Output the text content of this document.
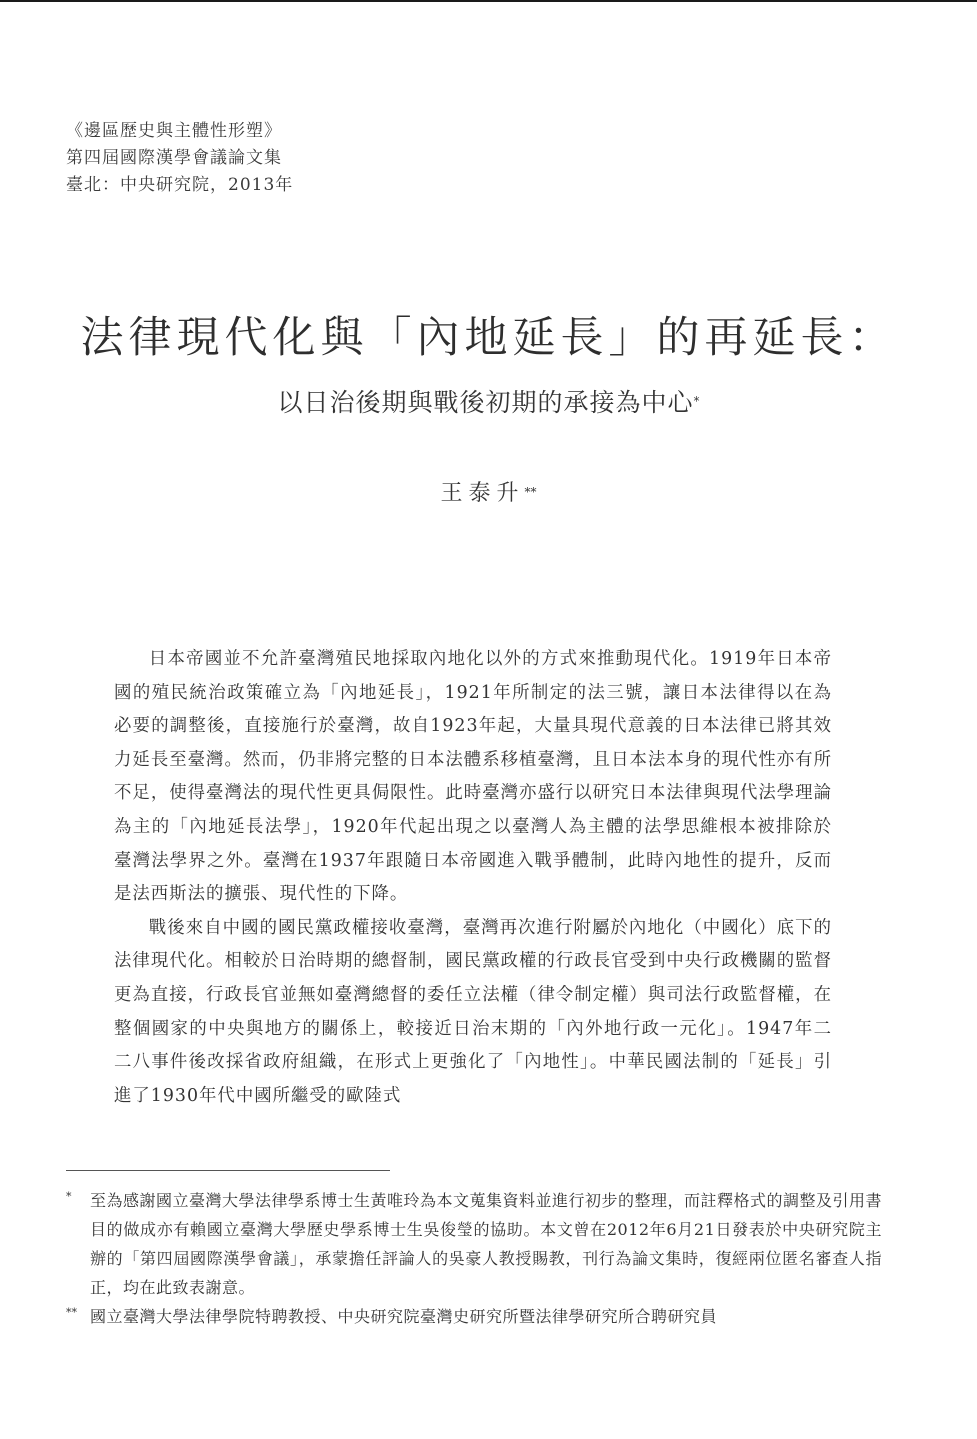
《邊區歷史與主體性形塑》
第四屆國際漢學會議論文集
臺北：中央研究院，2013年
法律現代化與「內地延長」的再延長：
以日治後期與戰後初期的承接為中心*
王泰升**

日本帝國並不允許臺灣殖民地採取內地化以外的方式來推動現代化。1919年日本帝國的殖民統治政策確立為「內地延長」，1921年所制定的法三號，讓日本法律得以在為必要的調整後，直接施行於臺灣，故自1923年起，大量具現代意義的日本法律已將其效力延長至臺灣。然而，仍非將完整的日本法體系移植臺灣，且日本法本身的現代性亦有所不足，使得臺灣法的現代性更具侷限性。此時臺灣亦盛行以研究日本法律與現代法學理論為主的「內地延長法學」，1920年代起出現之以臺灣人為主體的法學思維根本被排除於臺灣法學界之外。臺灣在1937年跟隨日本帝國進入戰爭體制，此時內地性的提升，反而是法西斯法的擴張、現代性的下降。

戰後來自中國的國民黨政權接收臺灣，臺灣再次進行附屬於內地化（中國化）底下的法律現代化。相較於日治時期的總督制，國民黨政權的行政長官受到中央行政機關的監督更為直接，行政長官並無如臺灣總督的委任立法權（律令制定權）與司法行政監督權，在整個國家的中央與地方的關係上，較接近日治末期的「內外地行政一元化」。1947年二二八事件後改採省政府組織，在形式上更強化了「內地性」。中華民國法制的「延長」引進了1930年代中國所繼受的歐陸式

* 至為感謝國立臺灣大學法律學系博士生黃唯玲為本文蒐集資料並進行初步的整理，而註釋格式的調整及引用書目的做成亦有賴國立臺灣大學歷史學系博士生吳俊瑩的協助。本文曾在2012年6月21日發表於中央研究院主辦的「第四屆國際漢學會議」，承蒙擔任評論人的吳豪人教授賜教，刊行為論文集時，復經兩位匿名審查人指正，均在此致表謝意。
** 國立臺灣大學法律學院特聘教授、中央研究院臺灣史研究所暨法律學研究所合聘研究員
